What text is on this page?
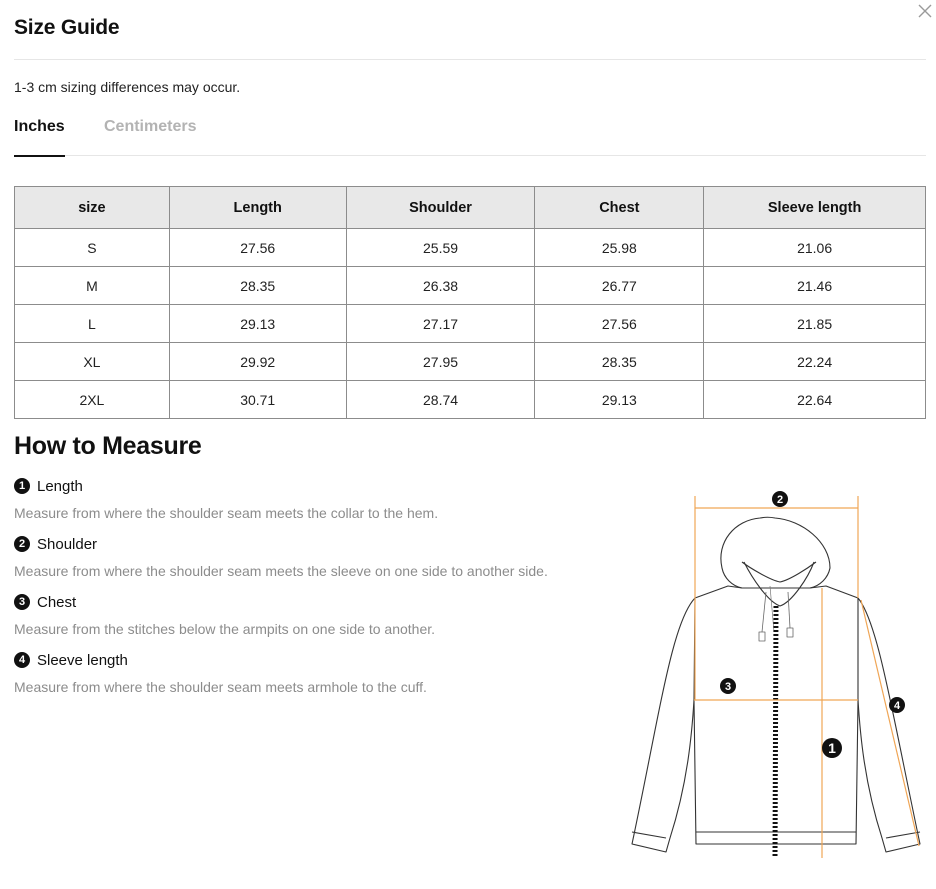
Size Guide
1-3 cm sizing differences may occur.
Inches Centimeters
size	Length	Shoulder	Chest	Sleeve length
S	27.56	25.59	25.98	21.06
M	28.35	26.38	26.77	21.46
L	29.13	27.17	27.56	21.85
XL	29.92	27.95	28.35	22.24
2XL	30.71	28.74	29.13	22.64
How to Measure
1 Length
Measure from where the shoulder seam meets the collar to the hem.
2 Shoulder
Measure from where the shoulder seam meets the sleeve on one side to another side.
3 Chest
Measure from the stitches below the armpits on one side to another.
4 Sleeve length
Measure from where the shoulder seam meets armhole to the cuff.
1
2
3
4
